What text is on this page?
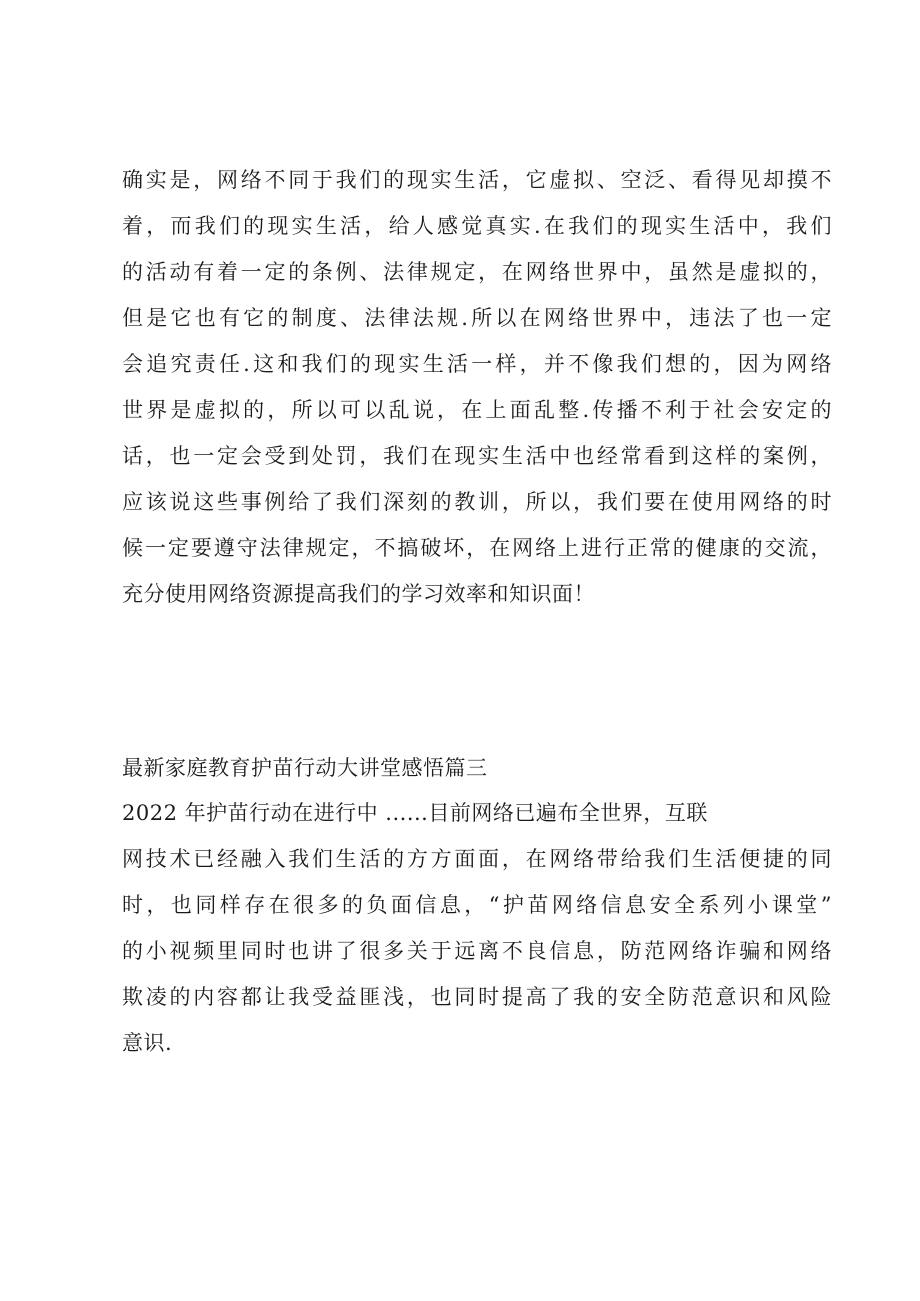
确实是，网络不同于我们的现实生活，它虚拟、空泛、看得见却摸不
着，而我们的现实生活，给人感觉真实.在我们的现实生活中，我们
的活动有着一定的条例、法律规定，在网络世界中，虽然是虚拟的，
但是它也有它的制度、法律法规.所以在网络世界中，违法了也一定
会追究责任.这和我们的现实生活一样，并不像我们想的，因为网络
世界是虚拟的，所以可以乱说，在上面乱整.传播不利于社会安定的
话，也一定会受到处罚，我们在现实生活中也经常看到这样的案例，
应该说这些事例给了我们深刻的教训，所以，我们要在使用网络的时
候一定要遵守法律规定，不搞破坏，在网络上进行正常的健康的交流，
充分使用网络资源提高我们的学习效率和知识面！
最新家庭教育护苗行动大讲堂感悟篇三
2022 年护苗行动在进行中 ......目前网络已遍布全世界，互联
网技术已经融入我们生活的方方面面，在网络带给我们生活便捷的同
时，也同样存在很多的负面信息，“护苗网络信息安全系列小课堂”
的小视频里同时也讲了很多关于远离不良信息，防范网络诈骗和网络
欺凌的内容都让我受益匪浅，也同时提高了我的安全防范意识和风险
意识.
